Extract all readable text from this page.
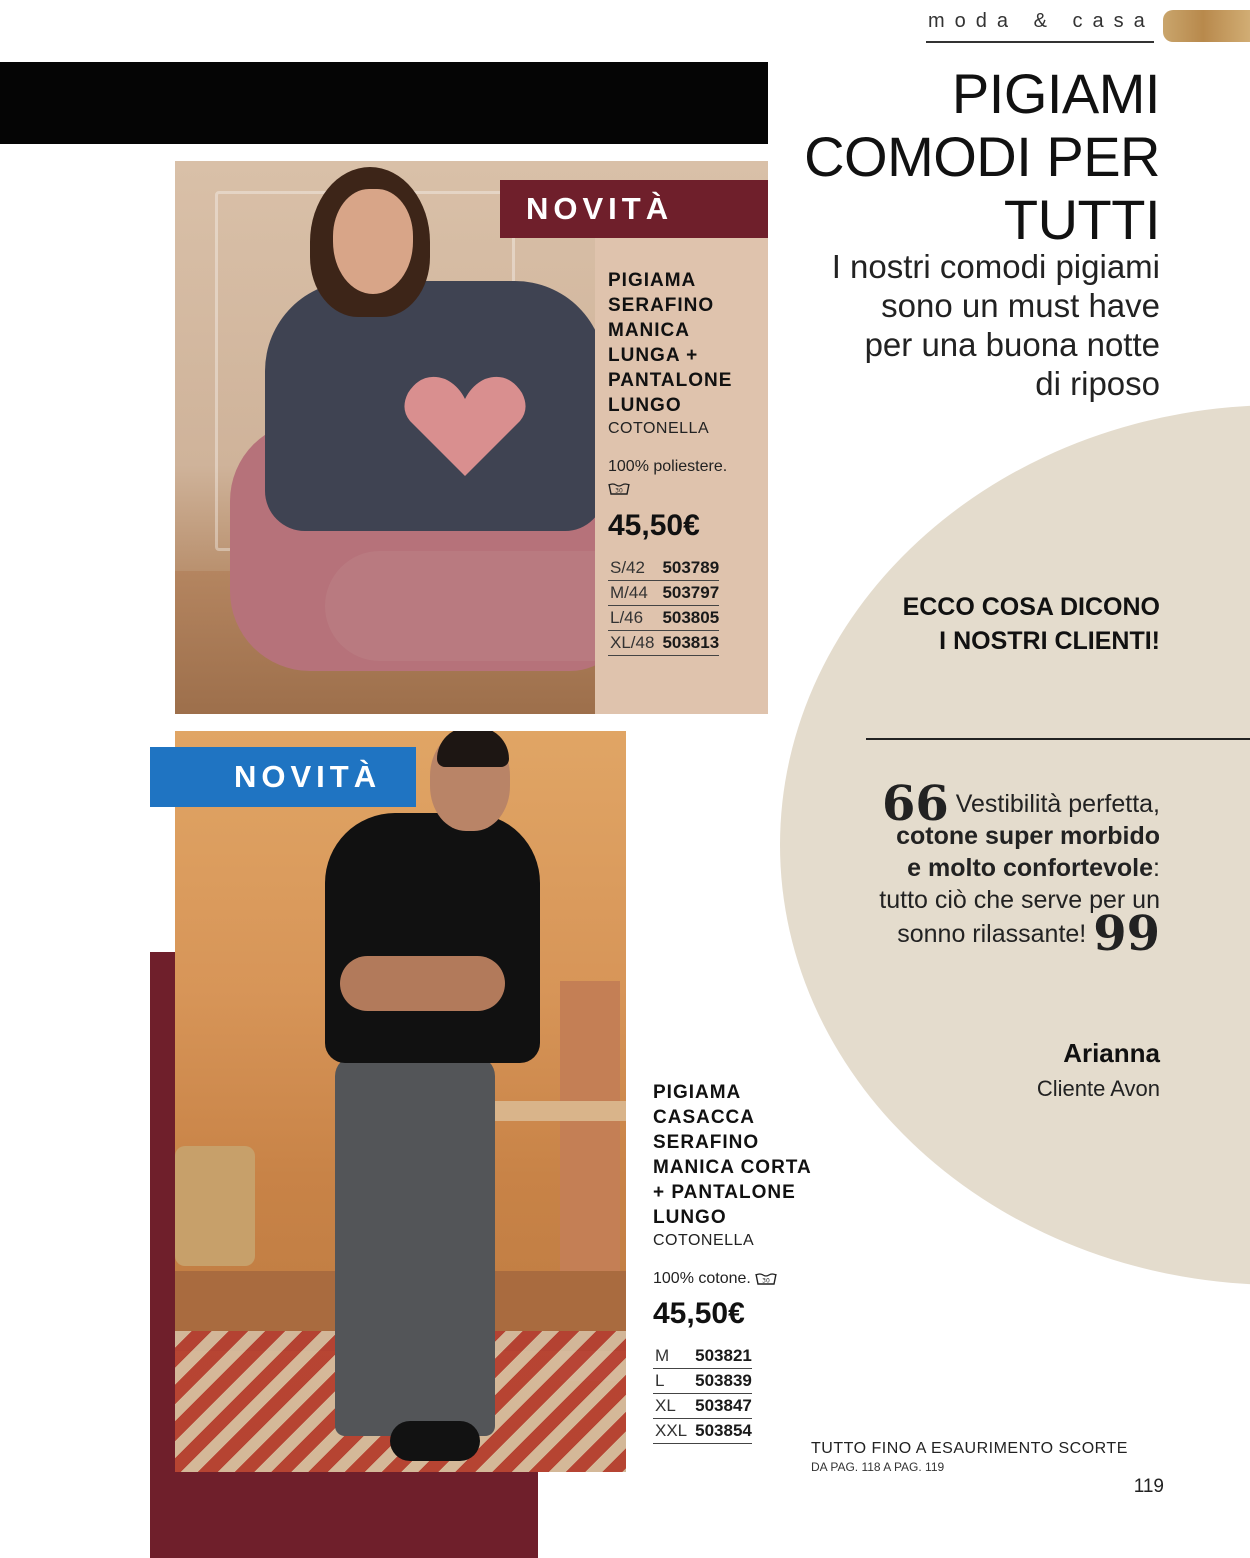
moda & casa
PIGIAMI
COMODI PER
TUTTI
I nostri comodi pigiami
sono un must have
per una buona notte
di riposo
ECCO COSA DICONO
I NOSTRI CLIENTI!
66 Vestibilità perfetta,
cotone super morbido
e molto confortevole:
tutto ciò che serve per un
sonno rilassante! 99
Arianna
Cliente Avon
NOVITÀ
PIGIAMA
SERAFINO
MANICA
LUNGA +
PANTALONE
LUNGO
COTONELLA
100% poliestere.
30
45,50€
S/42	503789
M/44	503797
L/46	503805
XL/48	503813
NOVITÀ
PIGIAMA
CASACCA
SERAFINO
MANICA CORTA
+ PANTALONE
LUNGO
COTONELLA
100% cotone. 30
45,50€
M	503821
L	503839
XL	503847
XXL	503854
TUTTO FINO A ESAURIMENTO SCORTE
DA PAG. 118 A PAG. 119
119
